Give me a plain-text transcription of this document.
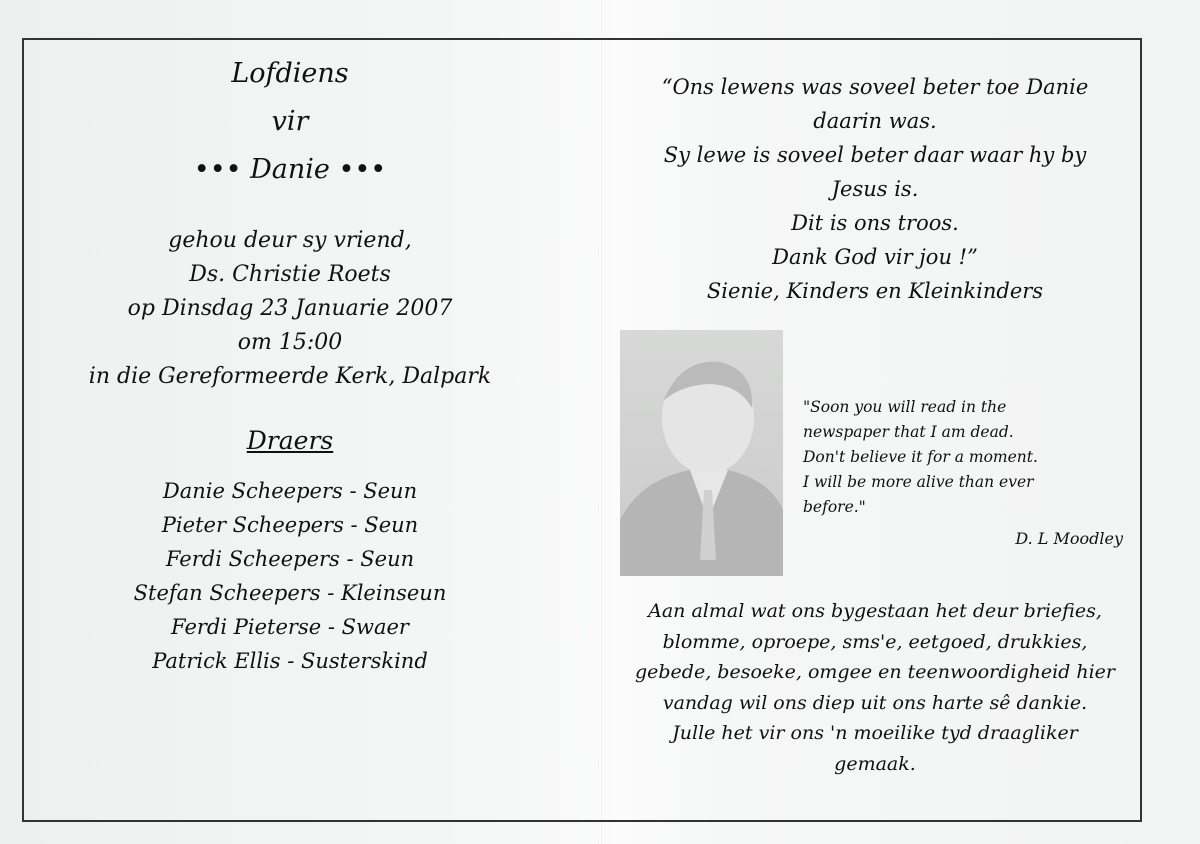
Lofdiens
vir
••• Danie •••
gehou deur sy vriend,
Ds. Christie Roets
op Dinsdag 23 Januarie 2007
om 15:00
in die Gereformeerde Kerk, Dalpark
Draers
Danie Scheepers - Seun
Pieter Scheepers - Seun
Ferdi Scheepers - Seun
Stefan Scheepers - Kleinseun
Ferdi Pieterse - Swaer
Patrick Ellis - Susterskind
“Ons lewens was soveel beter toe Danie
daarin was.
Sy lewe is soveel beter daar waar hy by
Jesus is.
Dit is ons troos.
Dank God vir jou !”
Sienie, Kinders en Kleinkinders
"Soon you will read in the
newspaper that I am dead.
Don't believe it for a moment.
I will be more alive than ever
before."
D. L Moodley
Aan almal wat ons bygestaan het deur briefies,
blomme, oproepe, sms'e, eetgoed, drukkies,
gebede, besoeke, omgee en teenwoordigheid hier
vandag wil ons diep uit ons harte sê dankie.
Julle het vir ons 'n moeilike tyd draagliker
gemaak.
